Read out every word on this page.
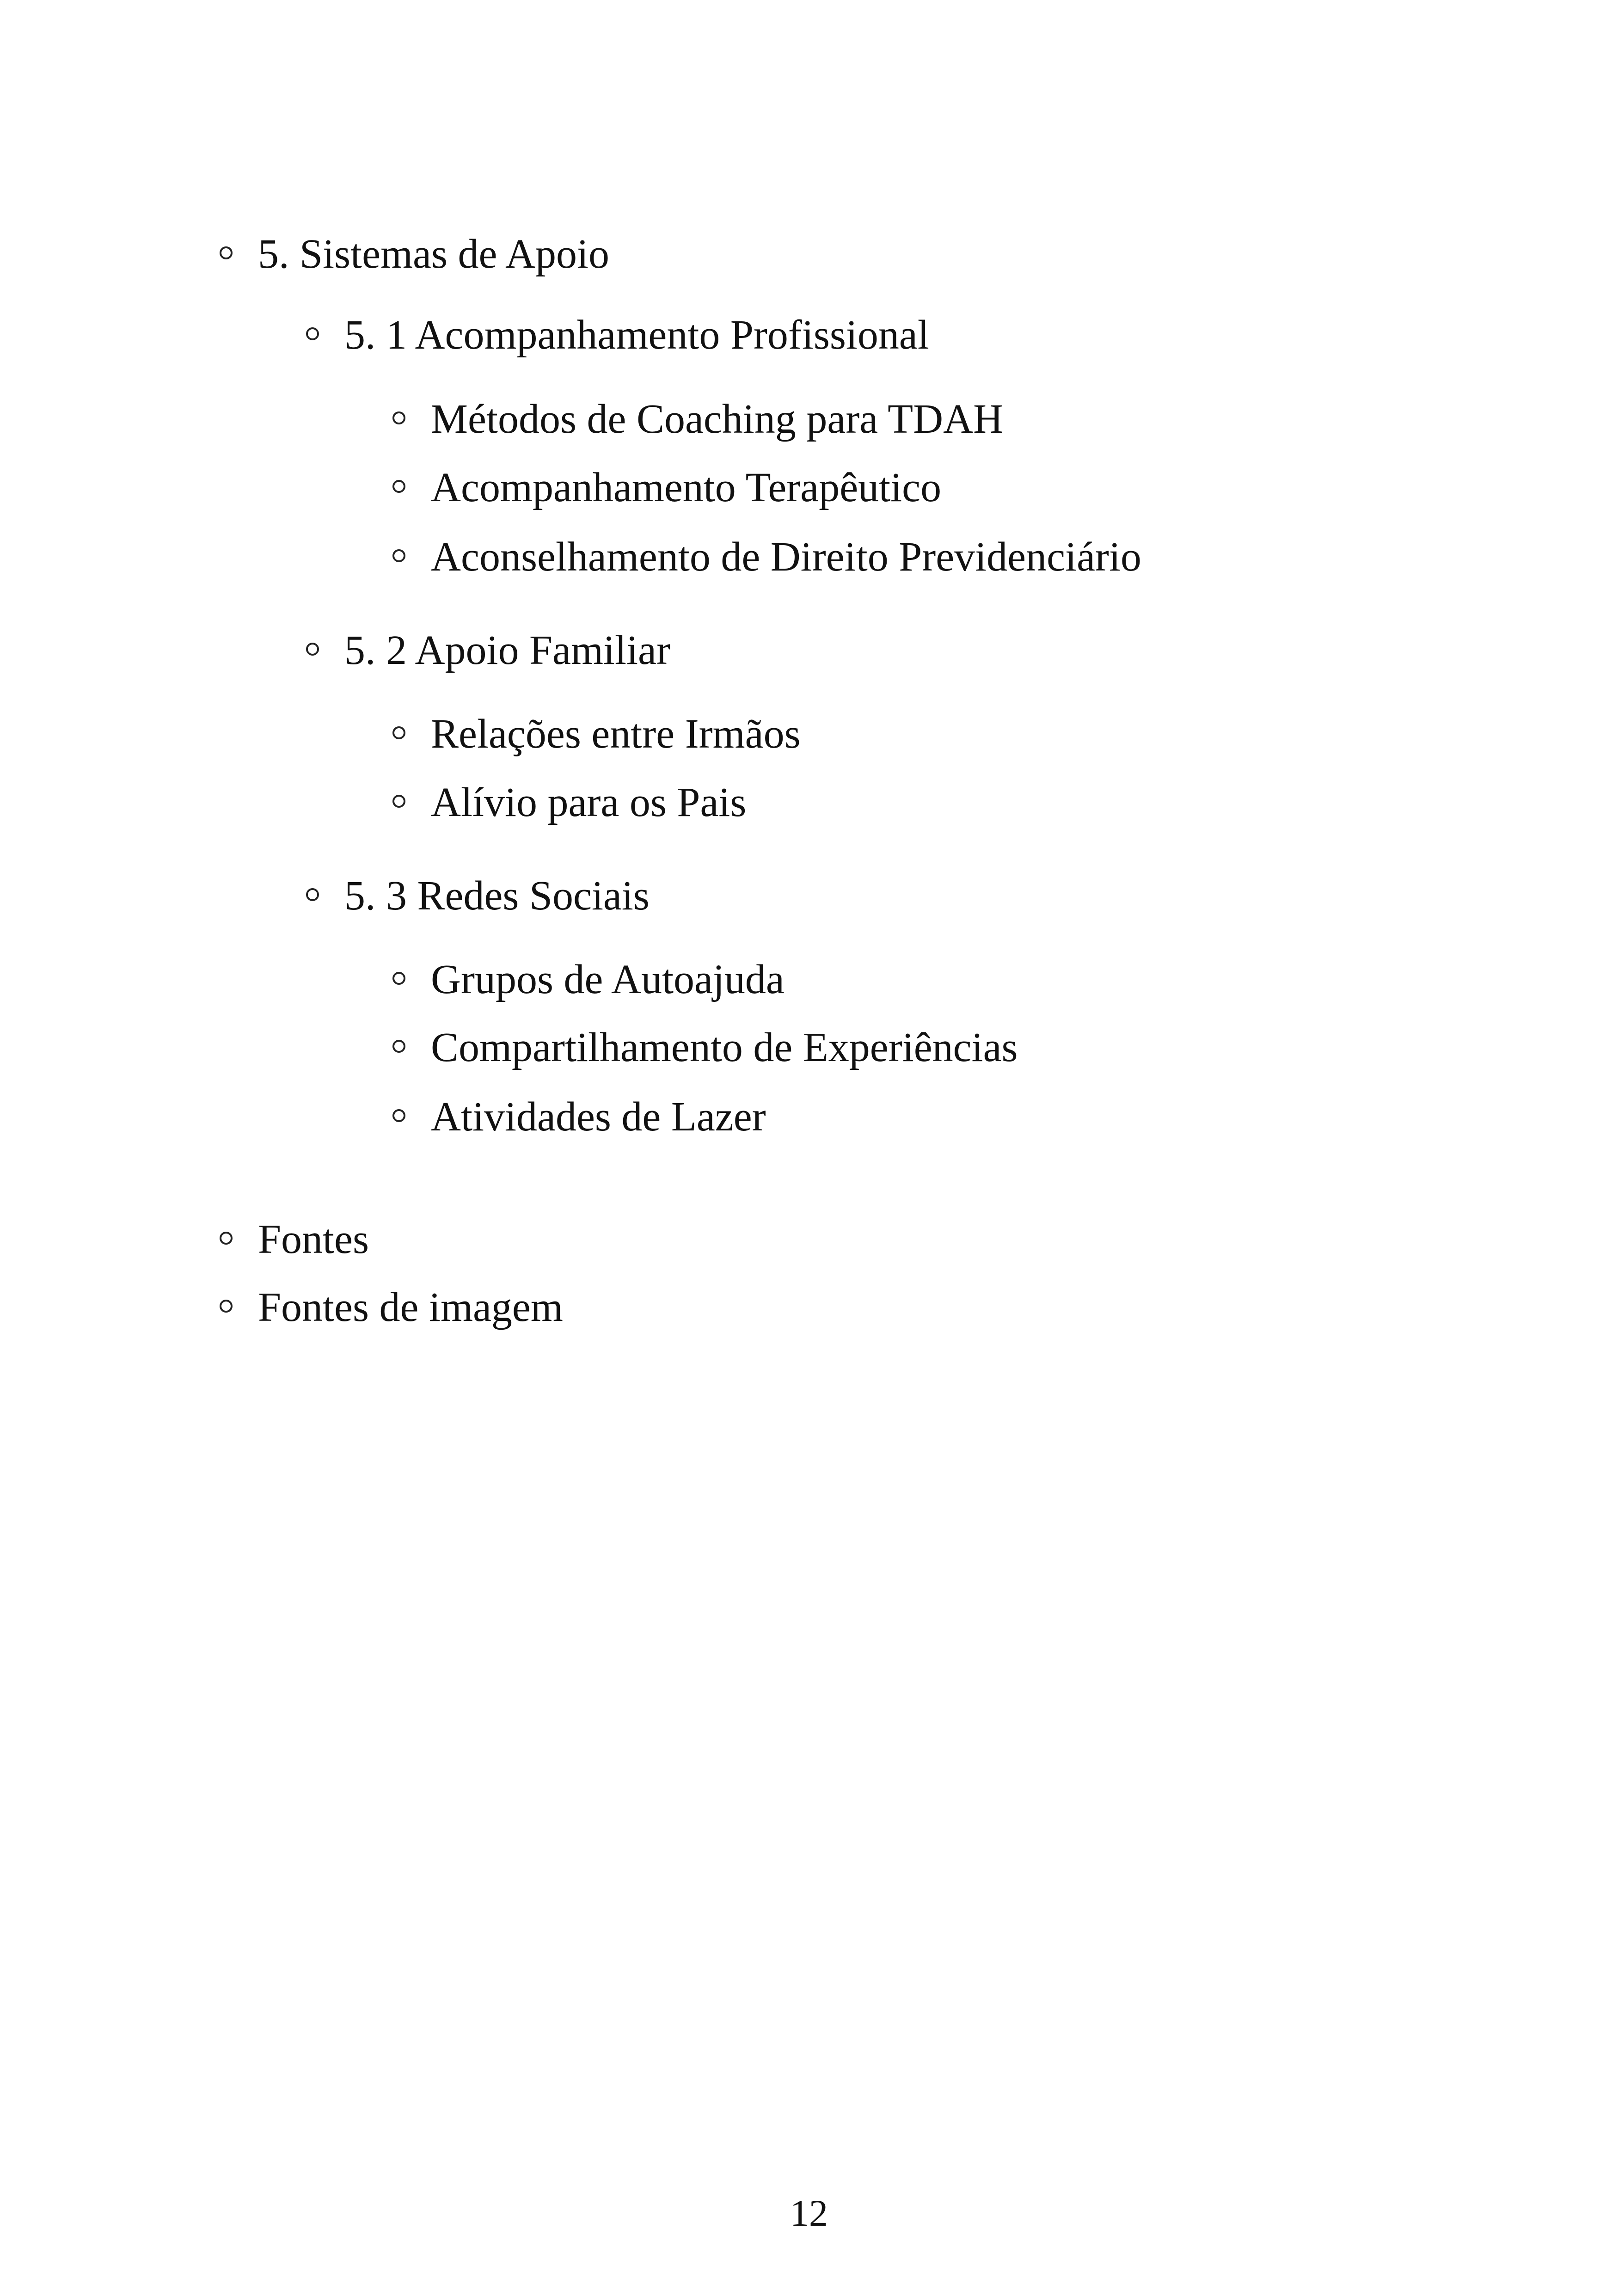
5. Sistemas de Apoio
5. 1 Acompanhamento Profissional
Métodos de Coaching para TDAH
Acompanhamento Terapêutico
Aconselhamento de Direito Previdenciário
5. 2 Apoio Familiar
Relações entre Irmãos
Alívio para os Pais
5. 3 Redes Sociais
Grupos de Autoajuda
Compartilhamento de Experiências
Atividades de Lazer
Fontes
Fontes de imagem
12
